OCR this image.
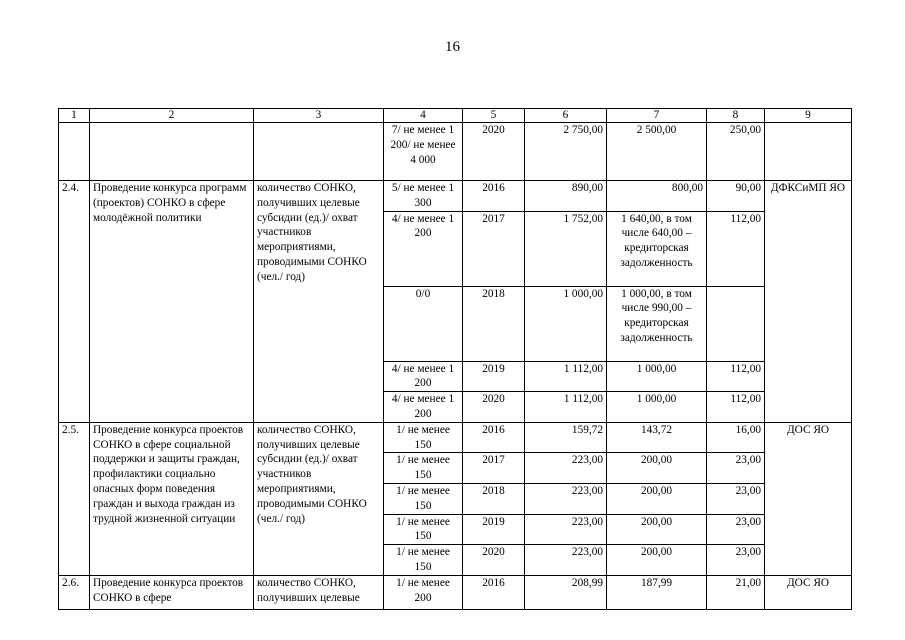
16
1	2	3	4	5	6	7	8	9
			7/ не менее 1 200/ не менее 4 000	2020	2 750,00	2 500,00	250,00	
2.4.	Проведение конкурса программ (проектов) СОНКО в сфере молодёжной политики	количество СОНКО, получивших целевые субсидии (ед.)/ охват участников мероприятиями, проводимыми СОНКО (чел./ год)	5/ не менее 1 300	2016	890,00	800,00	90,00	ДФКСиМП ЯО
			4/ не менее 1 200	2017	1 752,00	1 640,00, в том числе 640,00 – кредиторская задолженность	112,00	
			0/0	2018	1 000,00	1 000,00, в том числе 990,00 – кредиторская задолженность		
			4/ не менее 1 200	2019	1 112,00	1 000,00	112,00	
			4/ не менее 1 200	2020	1 112,00	1 000,00	112,00	
2.5.	Проведение конкурса проектов СОНКО в сфере социальной поддержки и защиты граждан, профилактики социально опасных форм поведения граждан и выхода граждан из трудной жизненной ситуации	количество СОНКО, получивших целевые субсидии (ед.)/ охват участников мероприятиями, проводимыми СОНКО (чел./ год)	1/ не менее 150	2016	159,72	143,72	16,00	ДОС ЯО
			1/ не менее 150	2017	223,00	200,00	23,00	
			1/ не менее 150	2018	223,00	200,00	23,00	
			1/ не менее 150	2019	223,00	200,00	23,00	
			1/ не менее 150	2020	223,00	200,00	23,00	
2.6.	Проведение конкурса проектов СОНКО в сфере	количество СОНКО, получивших целевые	1/ не менее 200	2016	208,99	187,99	21,00	ДОС ЯО
